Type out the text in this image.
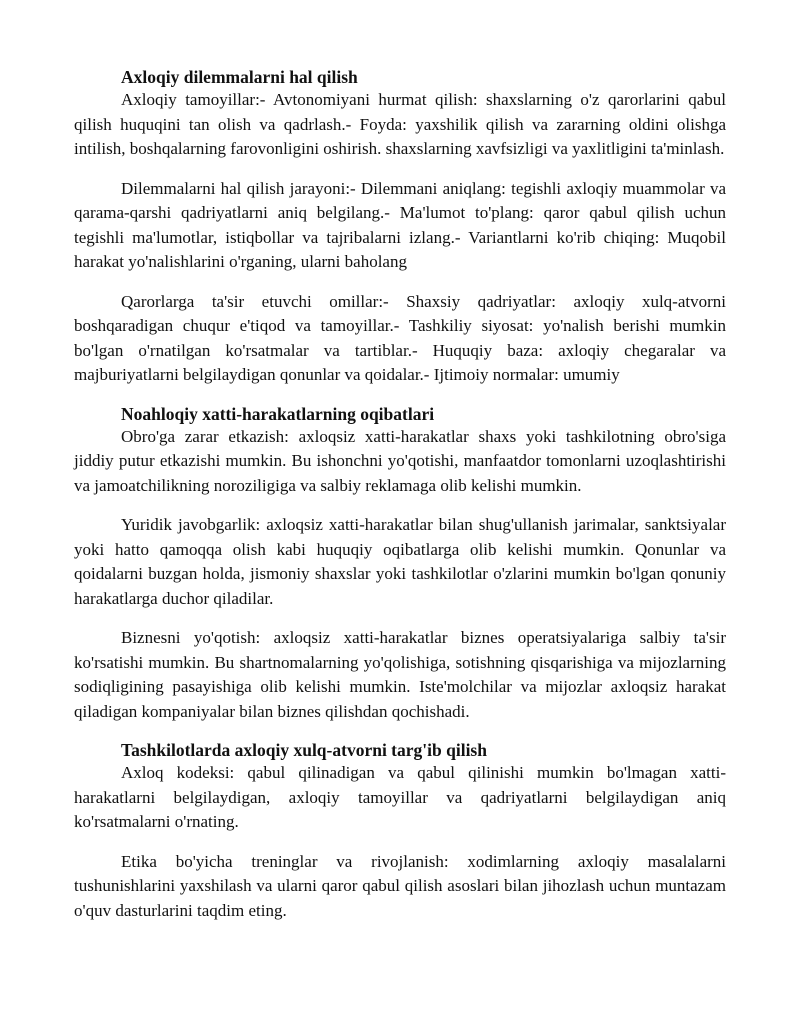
Axloqiy dilemmalarni hal qilish

Axloqiy tamoyillar:- Avtonomiyani hurmat qilish: shaxslarning o'z qarorlarini qabul qilish huquqini tan olish va qadrlash.- Foyda: yaxshilik qilish va zararning oldini olishga intilish, boshqalarning farovonligini oshirish. shaxslarning xavfsizligi va yaxlitligini ta'minlash.

Dilemmalarni hal qilish jarayoni:- Dilemmani aniqlang: tegishli axloqiy muammolar va qarama-qarshi qadriyatlarni aniq belgilang.- Ma'lumot to'plang: qaror qabul qilish uchun tegishli ma'lumotlar, istiqbollar va tajribalarni izlang.- Variantlarni ko'rib chiqing: Muqobil harakat yo'nalishlarini o'rganing, ularni baholang

Qarorlarga ta'sir etuvchi omillar:- Shaxsiy qadriyatlar: axloqiy xulq-atvorni boshqaradigan chuqur e'tiqod va tamoyillar.- Tashkiliy siyosat: yo'nalish berishi mumkin bo'lgan o'rnatilgan ko'rsatmalar va tartiblar.- Huquqiy baza: axloqiy chegaralar va majburiyatlarni belgilaydigan qonunlar va qoidalar.- Ijtimoiy normalar: umumiy

Noahloqiy xatti-harakatlarning oqibatlari

Obro'ga zarar etkazish: axloqsiz xatti-harakatlar shaxs yoki tashkilotning obro'siga jiddiy putur etkazishi mumkin. Bu ishonchni yo'qotishi, manfaatdor tomonlarni uzoqlashtirishi va jamoatchilikning noroziligiga va salbiy reklamaga olib kelishi mumkin.

Yuridik javobgarlik: axloqsiz xatti-harakatlar bilan shug'ullanish jarimalar, sanktsiyalar yoki hatto qamoqqa olish kabi huquqiy oqibatlarga olib kelishi mumkin. Qonunlar va qoidalarni buzgan holda, jismoniy shaxslar yoki tashkilotlar o'zlarini mumkin bo'lgan qonuniy harakatlarga duchor qiladilar.

Biznesni yo'qotish: axloqsiz xatti-harakatlar biznes operatsiyalariga salbiy ta'sir ko'rsatishi mumkin. Bu shartnomalarning yo'qolishiga, sotishning qisqarishiga va mijozlarning sodiqligining pasayishiga olib kelishi mumkin. Iste'molchilar va mijozlar axloqsiz harakat qiladigan kompaniyalar bilan biznes qilishdan qochishadi.

Tashkilotlarda axloqiy xulq-atvorni targ'ib qilish

Axloq kodeksi: qabul qilinadigan va qabul qilinishi mumkin bo'lmagan xatti-harakatlarni belgilaydigan, axloqiy tamoyillar va qadriyatlarni belgilaydigan aniq ko'rsatmalarni o'rnating.

Etika bo'yicha treninglar va rivojlanish: xodimlarning axloqiy masalalarni tushunishlarini yaxshilash va ularni qaror qabul qilish asoslari bilan jihozlash uchun muntazam o'quv dasturlarini taqdim eting.
